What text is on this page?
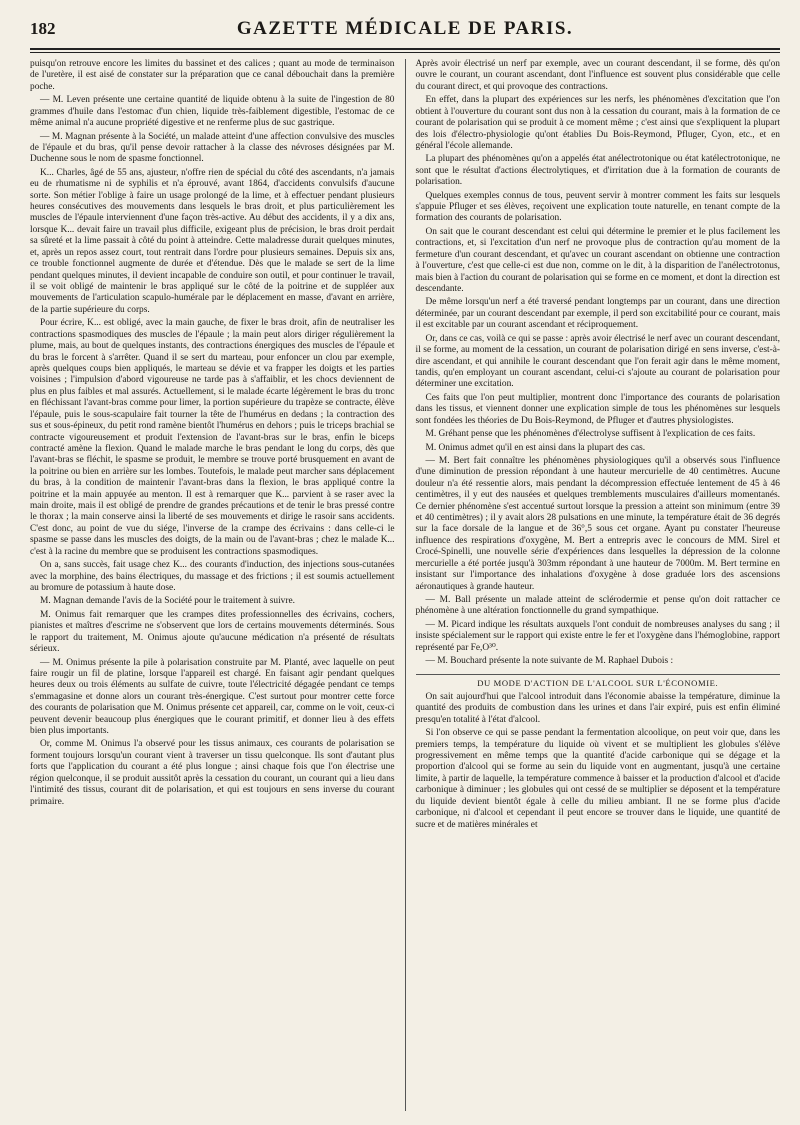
182	GAZETTE MÉDICALE DE PARIS.

puisqu'on retrouve encore les limites du bassinet et des calices ; quant au mode de terminaison de l'uretère, il est aisé de constater sur la préparation que ce canal débouchait dans la première poche.

— M. Leven présente une certaine quantité de liquide obtenu à la suite de l'ingestion de 80 grammes d'huile dans l'estomac d'un chien, liquide très-faiblement digestible, l'estomac de ce même animal n'a aucune propriété digestive et ne renferme plus de suc gastrique.

— M. Magnan présente à la Société, un malade atteint d'une affection convulsive des muscles de l'épaule et du bras, qu'il pense devoir rattacher à la classe des névroses désignées par M. Duchenne sous le nom de spasme fonctionnel.

K... Charles, âgé de 55 ans, ajusteur, n'offre rien de spécial du côté des ascendants, n'a jamais eu de rhumatisme ni de syphilis et n'a éprouvé, avant 1864, d'accidents convulsifs d'aucune sorte. Son métier l'oblige à faire un usage prolongé de la lime, et à effectuer pendant plusieurs heures consécutives des mouvements dans lesquels le bras droit, et plus particulièrement les muscles de l'épaule interviennent d'une façon très-active. Au début des accidents, il y a dix ans, lorsque K... devait faire un travail plus difficile, exigeant plus de précision, le bras droit perdait sa sûreté et la lime passait à côté du point à atteindre. Cette maladresse durait quelques minutes, et, après un repos assez court, tout rentrait dans l'ordre pour plusieurs semaines. Depuis six ans, ce trouble fonctionnel augmente de durée et d'étendue. Dès que le malade se sert de la lime pendant quelques minutes, il devient incapable de conduire son outil, et pour continuer le travail, il se voit obligé de maintenir le bras appliqué sur le côté de la poitrine et de suppléer aux mouvements de l'articulation scapulo-humérale par le déplacement en masse, d'avant en arrière, de la partie supérieure du corps.

Pour écrire, K... est obligé, avec la main gauche, de fixer le bras droit, afin de neutraliser les contractions spasmodiques des muscles de l'épaule ; la main peut alors diriger régulièrement la plume, mais, au bout de quelques instants, des contractions énergiques des muscles de l'épaule et du bras le forcent à s'arrêter. Quand il se sert du marteau, pour enfoncer un clou par exemple, après quelques coups bien appliqués, le marteau se dévie et va frapper les doigts et les parties voisines ; l'impulsion d'abord vigoureuse ne tarde pas à s'affaiblir, et les chocs deviennent de plus en plus faibles et mal assurés. Actuellement, si le malade écarte légèrement le bras du tronc en fléchissant l'avant-bras comme pour limer, la portion supérieure du trapèze se contracte, élève l'épaule, puis le sous-scapulaire fait tourner la tête de l'humérus en dedans ; la contraction des sus et sous-épineux, du petit rond ramène bientôt l'humérus en dehors ; puis le triceps brachial se contracte vigoureusement et produit l'extension de l'avant-bras sur le bras, enfin le biceps contracté amène la flexion. Quand le malade marche le bras pendant le long du corps, dès que l'avant-bras se fléchit, le spasme se produit, le membre se trouve porté brusquement en avant de la poitrine ou bien en arrière sur les lombes. Toutefois, le malade peut marcher sans déplacement du bras, à la condition de maintenir l'avant-bras dans la flexion, le bras appliqué contre la poitrine et la main appuyée au menton. Il est à remarquer que K... parvient à se raser avec la main droite, mais il est obligé de prendre de grandes précautions et de tenir le bras pressé contre le thorax ; la main conserve ainsi la liberté de ses mouvements et dirige le rasoir sans accidents. C'est donc, au point de vue du siége, l'inverse de la crampe des écrivains : dans celle-ci le spasme se passe dans les muscles des doigts, de la main ou de l'avant-bras ; chez le malade K... c'est à la racine du membre que se produisent les contractions spasmodiques.

On a, sans succès, fait usage chez K... des courants d'induction, des injections sous-cutanées avec la morphine, des bains électriques, du massage et des frictions ; il est soumis actuellement au bromure de potassium à haute dose.

M. Magnan demande l'avis de la Société pour le traitement à suivre.

M. Onimus fait remarquer que les crampes dites professionnelles des écrivains, cochers, pianistes et maîtres d'escrime ne s'observent que lors de certains mouvements déterminés. Sous le rapport du traitement, M. Onimus ajoute qu'aucune médication n'a présenté de résultats sérieux.

— M. Onimus présente la pile à polarisation construite par M. Planté, avec laquelle on peut faire rougir un fil de platine, lorsque l'appareil est chargé. En faisant agir pendant quelques heures deux ou trois éléments au sulfate de cuivre, toute l'électricité dégagée pendant ce temps s'emmagasine et donne alors un courant très-énergique. C'est surtout pour montrer cette force des courants de polarisation que M. Onimus présente cet appareil, car, comme on le voit, ceux-ci peuvent devenir beaucoup plus énergiques que le courant primitif, et donner lieu à des effets bien plus importants.

Or, comme M. Onimus l'a observé pour les tissus animaux, ces courants de polarisation se forment toujours lorsqu'un courant vient à traverser un tissu quelconque. Ils sont d'autant plus forts que l'application du courant a été plus longue ; ainsi chaque fois que l'on électrise une région quelconque, il se produit aussitôt après la cessation du courant, un courant qui a lieu dans l'intimité des tissus, courant dit de polarisation, et qui est toujours en sens inverse du courant primaire.

Après avoir électrisé un nerf par exemple, avec un courant descendant, il se forme, dès qu'on ouvre le courant, un courant ascendant, dont l'influence est souvent plus considérable que celle du courant direct, et qui provoque des contractions.

En effet, dans la plupart des expériences sur les nerfs, les phénomènes d'excitation que l'on obtient à l'ouverture du courant sont dus non à la cessation du courant, mais à la formation de ce courant de polarisation qui se produit à ce moment même ; c'est ainsi que s'expliquent la plupart des lois d'électro-physiologie qu'ont établies Du Bois-Reymond, Pfluger, Cyon, etc., et en général l'école allemande.

La plupart des phénomènes qu'on a appelés état anélectrotonique ou état katélectrotonique, ne sont que le résultat d'actions électrolytiques, et d'irritation due à la formation de courants de polarisation.

Quelques exemples connus de tous, peuvent servir à montrer comment les faits sur lesquels s'appuie Pfluger et ses élèves, reçoivent une explication toute naturelle, en tenant compte de la formation des courants de polarisation.

On sait que le courant descendant est celui qui détermine le premier et le plus facilement les contractions, et, si l'excitation d'un nerf ne provoque plus de contraction qu'au moment de la fermeture d'un courant descendant, et qu'avec un courant ascendant on obtienne une contraction à l'ouverture, c'est que celle-ci est due non, comme on le dit, à la disparition de l'anélectrotonus, mais bien à l'action du courant de polarisation qui se forme en ce moment, et dont la direction est descendante.

De même lorsqu'un nerf a été traversé pendant longtemps par un courant, dans une direction déterminée, par un courant descendant par exemple, il perd son excitabilité pour ce courant, mais il est excitable par un courant ascendant et réciproquement.

Or, dans ce cas, voilà ce qui se passe : après avoir électrisé le nerf avec un courant descendant, il se forme, au moment de la cessation, un courant de polarisation dirigé en sens inverse, c'est-à-dire ascendant, et qui annihile le courant descendant que l'on ferait agir dans le même moment, tandis, qu'en employant un courant ascendant, celui-ci s'ajoute au courant de polarisation pour déterminer une excitation.

Ces faits que l'on peut multiplier, montrent donc l'importance des courants de polarisation dans les tissus, et viennent donner une explication simple de tous les phénomènes sur lesquels sont fondées les théories de Du Bois-Reymond, de Pfluger et d'autres physiologistes.

M. Gréhant pense que les phénomènes d'électrolyse suffisent à l'explication de ces faits.

M. Onimus admet qu'il en est ainsi dans la plupart des cas.

— M. Bert fait connaître les phénomènes physiologiques qu'il a observés sous l'influence d'une diminution de pression répondant à une hauteur mercurielle de 40 centimètres. Aucune douleur n'a été ressentie alors, mais pendant la décompression effectuée lentement de 45 à 46 centimètres, il y eut des nausées et quelques tremblements musculaires d'ailleurs momentanés. Ce dernier phénomène s'est accentué surtout lorsque la pression a atteint son minimum (entre 39 et 40 centimètres) ; il y avait alors 28 pulsations en une minute, la température était de 36 degrés sur la face dorsale de la langue et de 36°,5 sous cet organe. Ayant pu constater l'heureuse influence des respirations d'oxygène, M. Bert a entrepris avec le concours de MM. Sirel et Crocé-Spinelli, une nouvelle série d'expériences dans lesquelles la dépression de la colonne mercurielle a été portée jusqu'à 303mm répondant à une hauteur de 7000m. M. Bert termine en insistant sur l'importance des inhalations d'oxygène à dose graduée lors des ascensions aéronautiques à grande hauteur.

— M. Ball présente un malade atteint de sclérodermie et pense qu'on doit rattacher ce phénomène à une altération fonctionnelle du grand sympathique.

— M. Picard indique les résultats auxquels l'ont conduit de nombreuses analyses du sang ; il insiste spécialement sur le rapport qui existe entre le fer et l'oxygène dans l'hémoglobine, rapport représenté par Fe,O³⁰.

— M. Bouchard présente la note suivante de M. Raphael Dubois :

DU MODE D'ACTION DE L'ALCOOL SUR L'ÉCONOMIE.

On sait aujourd'hui que l'alcool introduit dans l'économie abaisse la température, diminue la quantité des produits de combustion dans les urines et dans l'air expiré, puis est enfin éliminé presqu'en totalité à l'état d'alcool.

Si l'on observe ce qui se passe pendant la fermentation alcoolique, on peut voir que, dans les premiers temps, la température du liquide où vivent et se multiplient les globules s'élève progressivement en même temps que la quantité d'acide carbonique qui se dégage et la proportion d'alcool qui se forme au sein du liquide vont en augmentant, jusqu'à une certaine limite, à partir de laquelle, la température commence à baisser et la production d'alcool et d'acide carbonique à diminuer ; les globules qui ont cessé de se multiplier se déposent et la température du liquide devient bientôt égale à celle du milieu ambiant. Il ne se forme plus d'acide carbonique, ni d'alcool et cependant il peut encore se trouver dans le liquide, une quantité de sucre et de matières minérales et
